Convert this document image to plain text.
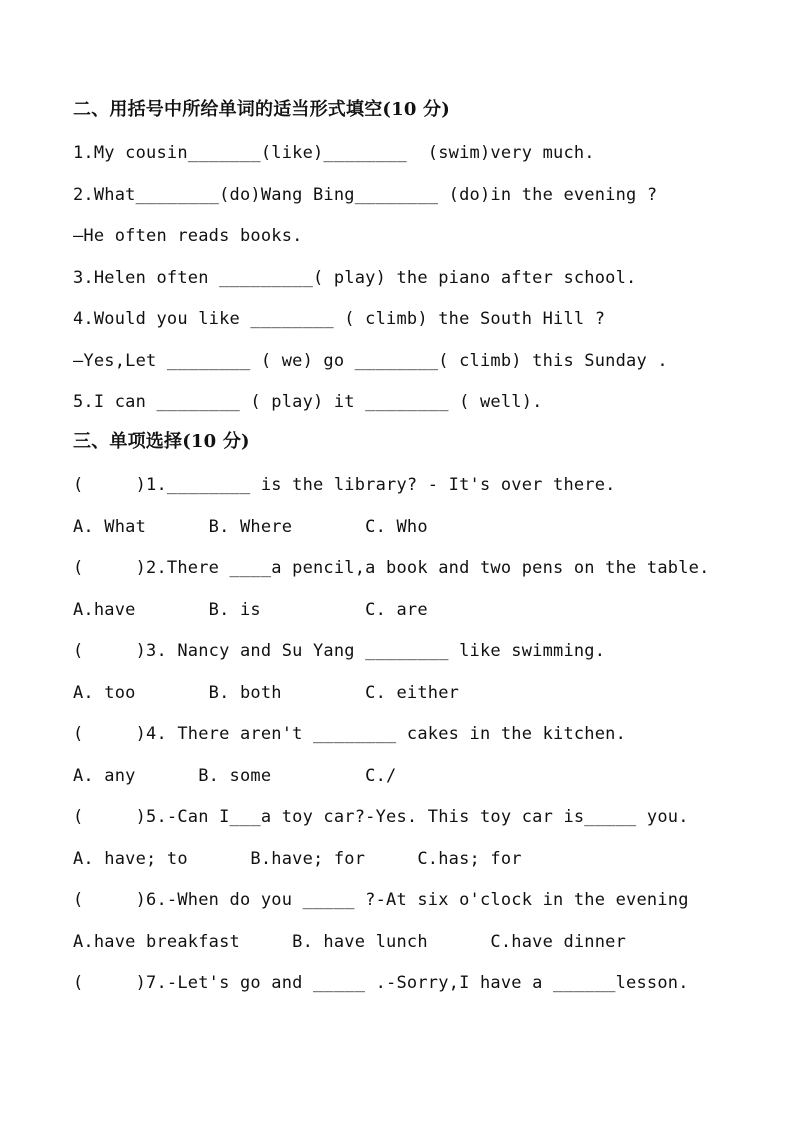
二、用括号中所给单词的适当形式填空(10 分)
1.My cousin_______(like)________  (swim)very much.
2.What________(do)Wang Bing________ (do)in the evening ?
—He often reads books.
3.Helen often _________( play) the piano after school.
4.Would you like ________ ( climb) the South Hill ?
—Yes,Let ________ ( we) go ________( climb) this Sunday .
5.I can ________ ( play) it ________ ( well).
三、单项选择(10 分)
(     )1.________ is the library? - It's over there.
A. What      B. Where       C. Who
(     )2.There ____a pencil,a book and two pens on the table.
A.have       B. is          C. are
(     )3. Nancy and Su Yang ________ like swimming.
A. too       B. both        C. either
(     )4. There aren't ________ cakes in the kitchen.
A. any      B. some         C./
(     )5.-Can I___a toy car?-Yes. This toy car is_____ you.
A. have; to      B.have; for     C.has; for
(     )6.-When do you _____ ?-At six o'clock in the evening
A.have breakfast     B. have lunch      C.have dinner
(     )7.-Let's go and _____ .-Sorry,I have a ______lesson.
